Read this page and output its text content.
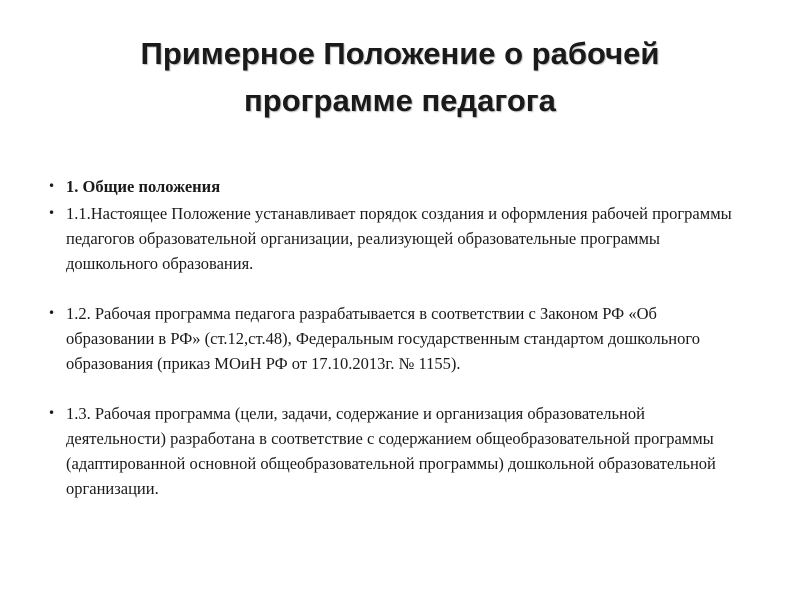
Примерное Положение о рабочей
программе педагога
• 1. Общие положения
• 1.1.Настоящее Положение устанавливает порядок создания и оформления рабочей программы педагогов образовательной организации, реализующей образовательные программы дошкольного образования.
• 1.2. Рабочая программа педагога разрабатывается в соответствии с Законом РФ «Об образовании в РФ» (ст.12,ст.48), Федеральным государственным стандартом дошкольного образования (приказ МОиН РФ от 17.10.2013г. № 1155).
• 1.3. Рабочая программа (цели, задачи, содержание и организация образовательной деятельности) разработана в соответствие с содержанием общеобразовательной программы (адаптированной основной общеобразовательной программы) дошкольной образовательной организации.
